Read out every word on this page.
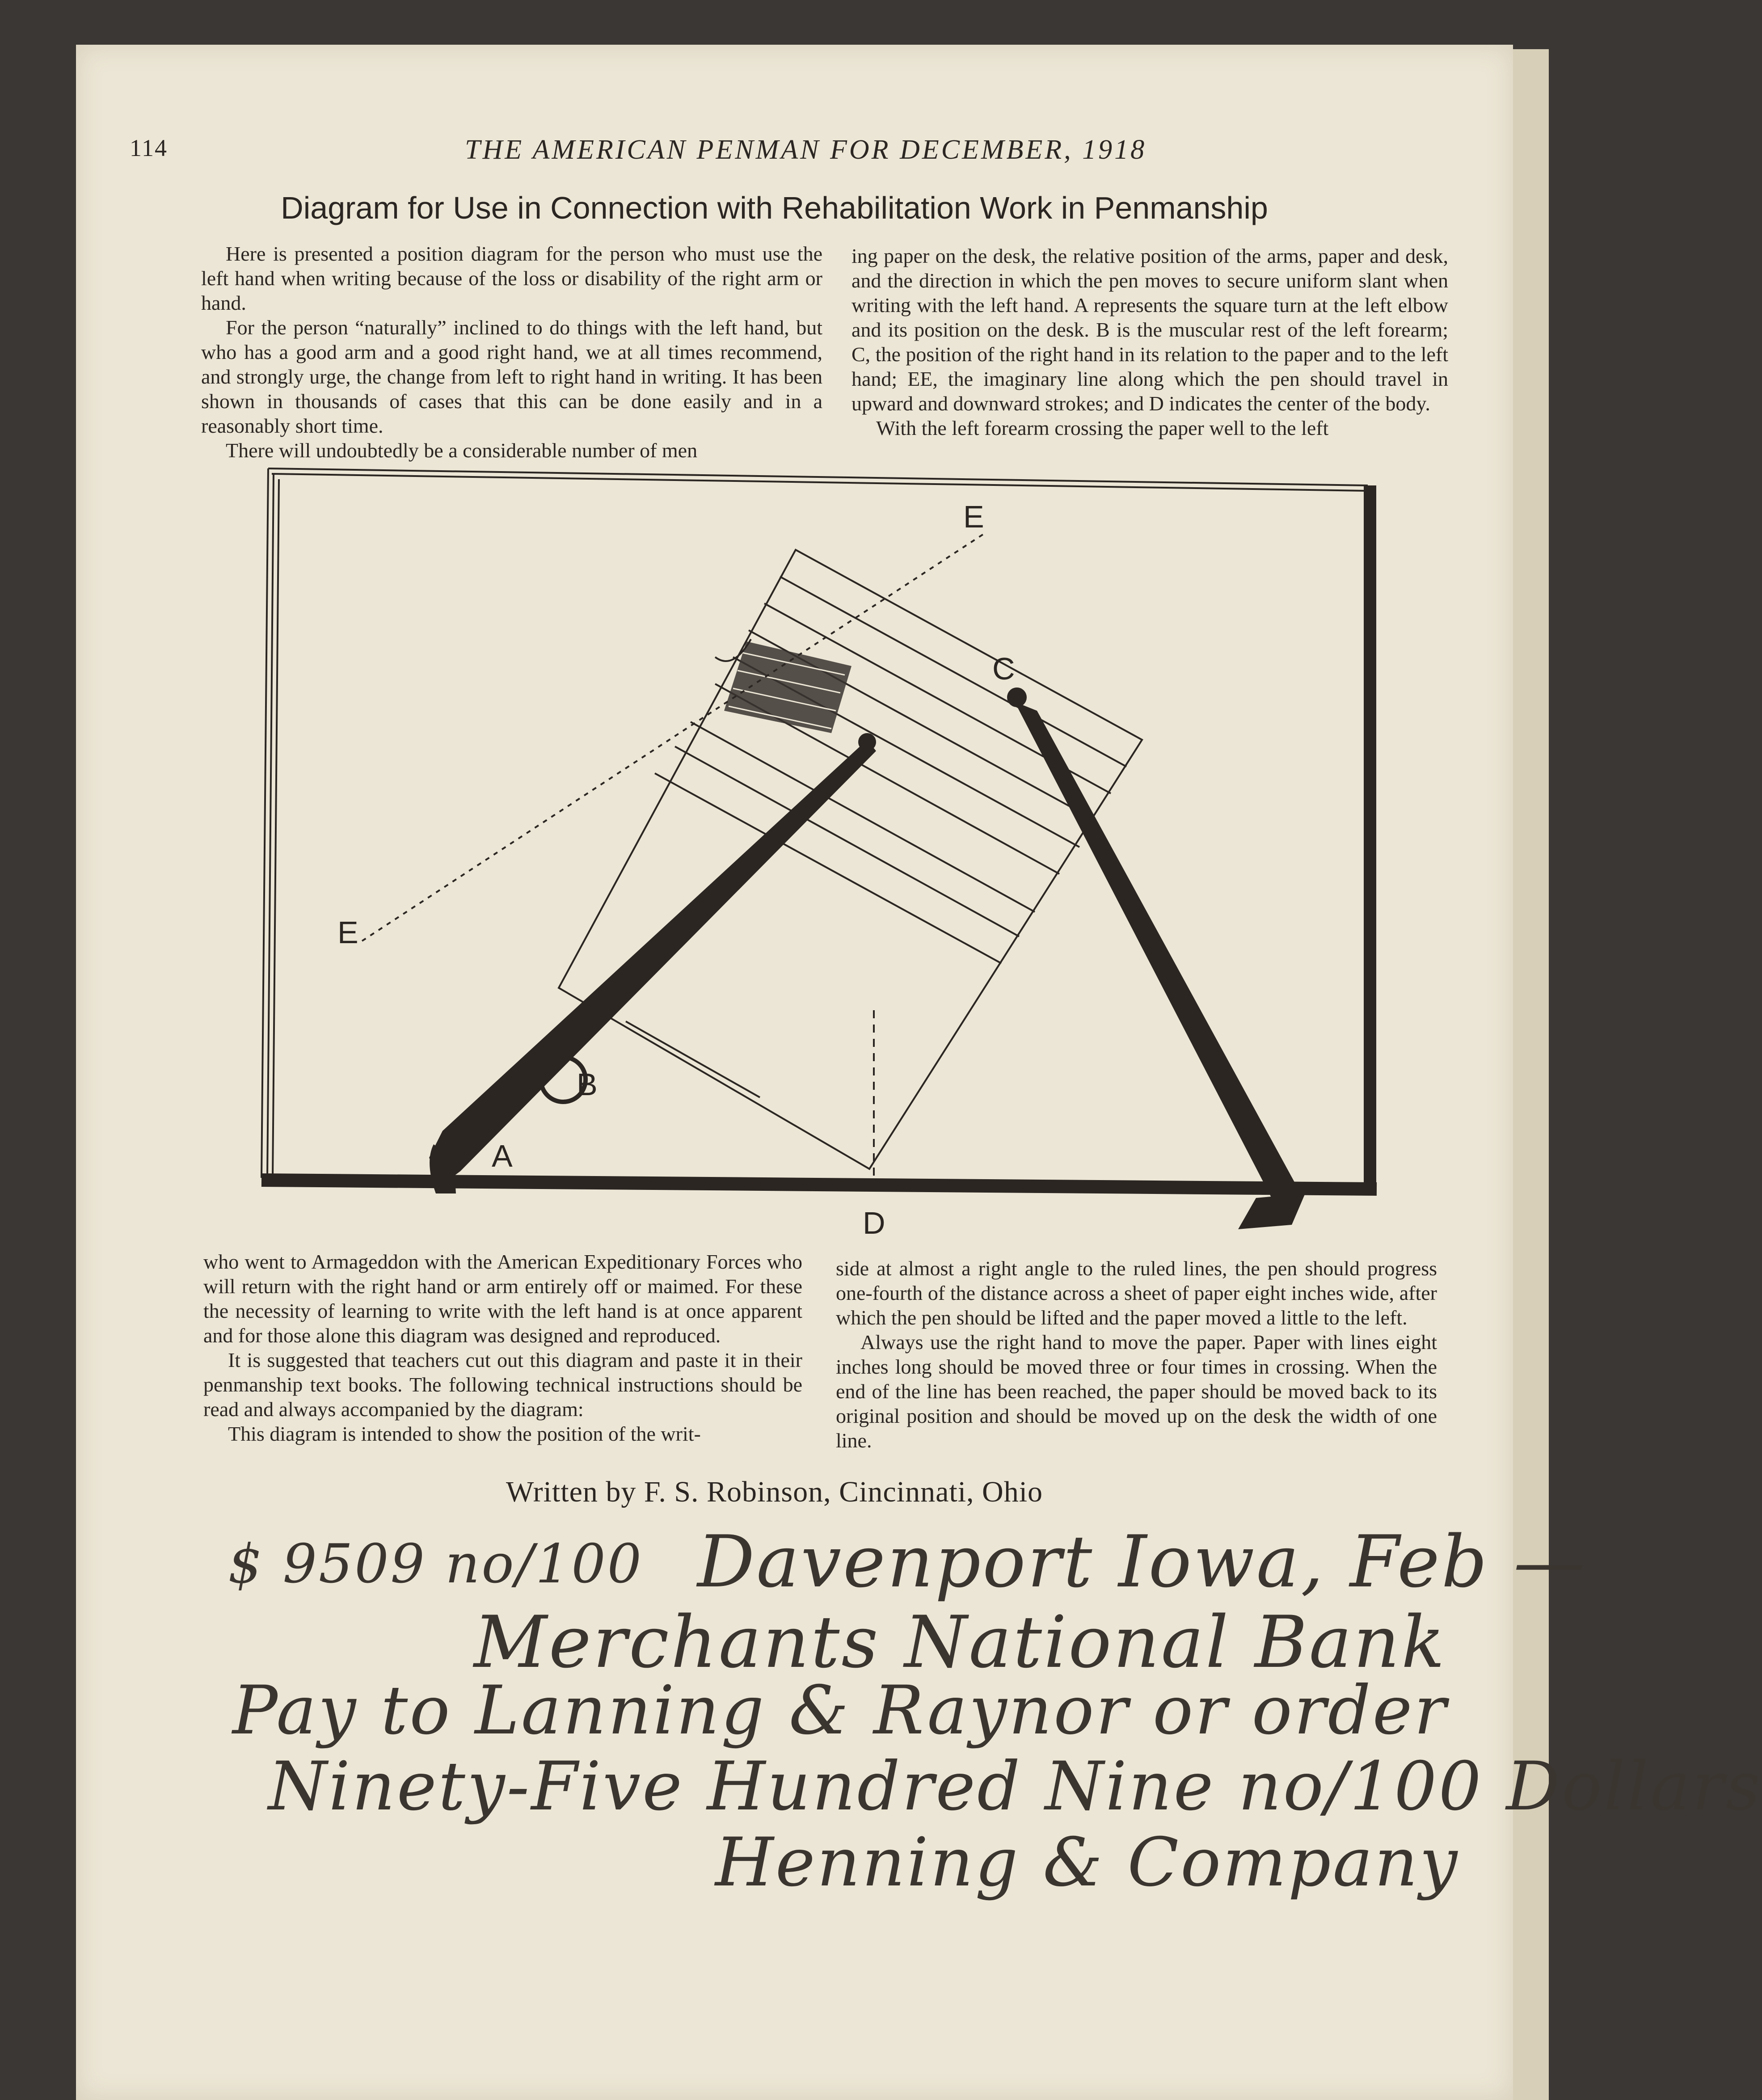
114	THE AMERICAN PENMAN FOR DECEMBER, 1918
Diagram for Use in Connection with Rehabilitation Work in Penmanship

Here is presented a position diagram for the person who must use the left hand when writing because of the loss or disability of the right arm or hand.

For the person “naturally” inclined to do things with the left hand, but who has a good arm and a good right hand, we at all times recommend, and strongly urge, the change from left to right hand in writing. It has been shown in thousands of cases that this can be done easily and in a reasonably short time.

There will undoubtedly be a considerable number of men

ing paper on the desk, the relative position of the arms, paper and desk, and the direction in which the pen moves to secure uniform slant when writing with the left hand. A represents the square turn at the left elbow and its position on the desk. B is the muscular rest of the left forearm; C, the position of the right hand in its relation to the paper and to the left hand; EE, the imaginary line along which the pen should travel in upward and downward strokes; and D indicates the center of the body.

With the left forearm crossing the paper well to the left

E
E
C
B
A
D

who went to Armageddon with the American Expeditionary Forces who will return with the right hand or arm entirely off or maimed. For these the necessity of learning to write with the left hand is at once apparent and for those alone this diagram was designed and reproduced.

It is suggested that teachers cut out this diagram and paste it in their penmanship text books. The following technical instructions should be read and always accompanied by the diagram:

This diagram is intended to show the position of the writ-

side at almost a right angle to the ruled lines, the pen should progress one-fourth of the distance across a sheet of paper eight inches wide, after which the pen should be lifted and the paper moved a little to the left.

Always use the right hand to move the paper. Paper with lines eight inches long should be moved three or four times in crossing. When the end of the line has been reached, the paper should be moved back to its original position and should be moved up on the desk the width of one line.

Written by F. S. Robinson, Cincinnati, Ohio
$ 9509 no/100 Davenport Iowa, Feb —
Merchants National Bank
Pay to Lanning & Raynor or order
Ninety-Five Hundred Nine no/100 Dollars
Henning & Company
